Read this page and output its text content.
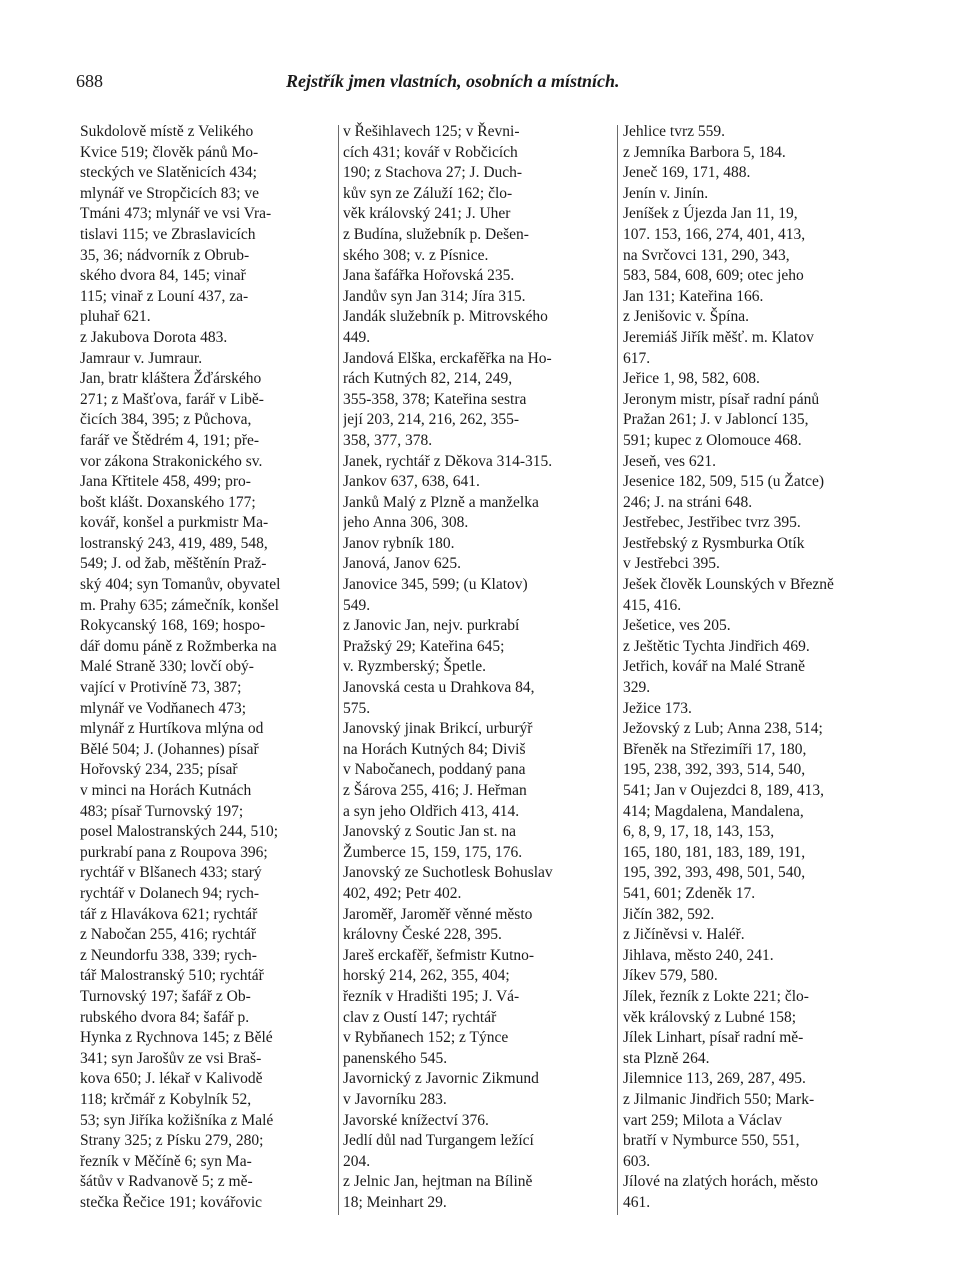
688	Rejstřík jmen vlastních, osobních a místních.
Sukdolově místě z Velikého
Kvice 519; člověk pánů Mo-
steckých ve Slatěnicích 434;
mlynář ve Stropčicích 83; ve
Tmáni 473; mlynář ve vsi Vra-
tislavi 115; ve Zbraslavicích
35, 36; nádvorník z Obrub-
ského dvora 84, 145; vinař
115; vinař z Louní 437, za-
pluhař 621.
z Jakubova Dorota 483.
Jamraur v. Jumraur.
Jan, bratr kláštera Žďárského
271; z Mašťova, farář v Libě-
čicích 384, 395; z Půchova,
farář ve Štědrém 4, 191; pře-
vor zákona Strakonického sv.
Jana Křtitele 458, 499; pro-
bošt klášt. Doxanského 177;
kovář, konšel a purkmistr Ma-
lostranský 243, 419, 489, 548,
549; J. od žab, měštěnín Praž-
ský 404; syn Tomanův, obyvatel
m. Prahy 635; zámečník, konšel
Rokycanský 168, 169; hospo-
dář domu páně z Rožmberka na
Malé Straně 330; lovčí obý-
vající v Protivíně 73, 387;
mlynář ve Vodňanech 473;
mlynář z Hurtíkova mlýna od
Bělé 504; J. (Johannes) písař
Hořovský 234, 235; písař
v minci na Horách Kutnách
483; písař Turnovský 197;
posel Malostranských 244, 510;
purkrabí pana z Roupova 396;
rychtář v Blšanech 433; starý
rychtář v Dolanech 94; rych-
tář z Hlavákova 621; rychtář
z Nabočan 255, 416; rychtář
z Neundorfu 338, 339; rych-
tář Malostranský 510; rychtář
Turnovský 197; šafář z Ob-
rubského dvora 84; šafář p.
Hynka z Rychnova 145; z Bělé
341; syn Jarošův ze vsi Braš-
kova 650; J. lékař v Kalivodě
118; krčmář z Kobylník 52,
53; syn Jiříka kožišníka z Malé
Strany 325; z Písku 279, 280;
řezník v Měčíně 6; syn Ma-
šátův v Radvanově 5; z mě-
stečka Řečice 191; kovářovic
v Řešihlavech 125; v Řevni-
cích 431; kovář v Robčicích
190; z Stachova 27; J. Duch-
kův syn ze Záluží 162; člo-
věk královský 241; J. Uher
z Budína, služebník p. Dešen-
ského 308; v. z Písnice.
Jana šafářka Hořovská 235.
Jandův syn Jan 314; Jíra 315.
Jandák služebník p. Mitrovského
449.
Jandová Elška, erckafěřka na Ho-
rách Kutných 82, 214, 249,
355-358, 378; Kateřina sestra
její 203, 214, 216, 262, 355-
358, 377, 378.
Janek, rychtář z Děkova 314-315.
Jankov 637, 638, 641.
Janků Malý z Plzně a manželka
jeho Anna 306, 308.
Janov rybník 180.
Janová, Janov 625.
Janovice 345, 599; (u Klatov)
549.
z Janovic Jan, nejv. purkrabí
Pražský 29; Kateřina 645;
v. Ryzmberský; Špetle.
Janovská cesta u Drahkova 84,
575.
Janovský jinak Brikcí, urburýř
na Horách Kutných 84; Diviš
v Nabočanech, poddaný pana
z Šárova 255, 416; J. Heřman
a syn jeho Oldřich 413, 414.
Janovský z Soutic Jan st. na
Žumberce 15, 159, 175, 176.
Janovský ze Suchotlesk Bohuslav
402, 492; Petr 402.
Jaroměř, Jaroměř věnné město
královny České 228, 395.
Jareš erckafěř, šefmistr Kutno-
horský 214, 262, 355, 404;
řezník v Hradišti 195; J. Vá-
clav z Oustí 147; rychtář
v Rybňanech 152; z Týnce
panenského 545.
Javornický z Javornic Zikmund
v Javorníku 283.
Javorské knížectví 376.
Jedlí důl nad Turgangem ležící
204.
z Jelnic Jan, hejtman na Bílině
18; Meinhart 29.
Jehlice tvrz 559.
z Jemníka Barbora 5, 184.
Jeneč 169, 171, 488.
Jenín v. Jinín.
Jeníšek z Újezda Jan 11, 19,
107. 153, 166, 274, 401, 413,
na Svrčovci 131, 290, 343,
583, 584, 608, 609; otec jeho
Jan 131; Kateřina 166.
z Jenišovic v. Špína.
Jeremiáš Jiřík měšť. m. Klatov
617.
Jeřice 1, 98, 582, 608.
Jeronym mistr, písař radní pánů
Pražan 261; J. v Jabloncí 135,
591; kupec z Olomouce 468.
Jeseň, ves 621.
Jesenice 182, 509, 515 (u Žatce)
246; J. na stráni 648.
Jestřebec, Jestřibec tvrz 395.
Jestřebský z Rysmburka Otík
v Jestřebci 395.
Ješek člověk Lounských v Březně
415, 416.
Ješetice, ves 205.
z Ještětic Tychta Jindřich 469.
Jetřich, kovář na Malé Straně
329.
Ježice 173.
Ježovský z Lub; Anna 238, 514;
Břeněk na Střezimíři 17, 180,
195, 238, 392, 393, 514, 540,
541; Jan v Oujezdci 8, 189, 413,
414; Magdalena, Mandalena,
6, 8, 9, 17, 18, 143, 153,
165, 180, 181, 183, 189, 191,
195, 392, 393, 498, 501, 540,
541, 601; Zdeněk 17.
Jičín 382, 592.
z Jičíněvsi v. Haléř.
Jihlava, město 240, 241.
Jíkev 579, 580.
Jílek, řezník z Lokte 221; člo-
věk královský z Lubné 158;
Jílek Linhart, písař radní mě-
sta Plzně 264.
Jilemnice 113, 269, 287, 495.
z Jilmanic Jindřich 550; Mark-
vart 259; Milota a Václav
bratří v Nymburce 550, 551,
603.
Jílové na zlatých horách, město
461.
